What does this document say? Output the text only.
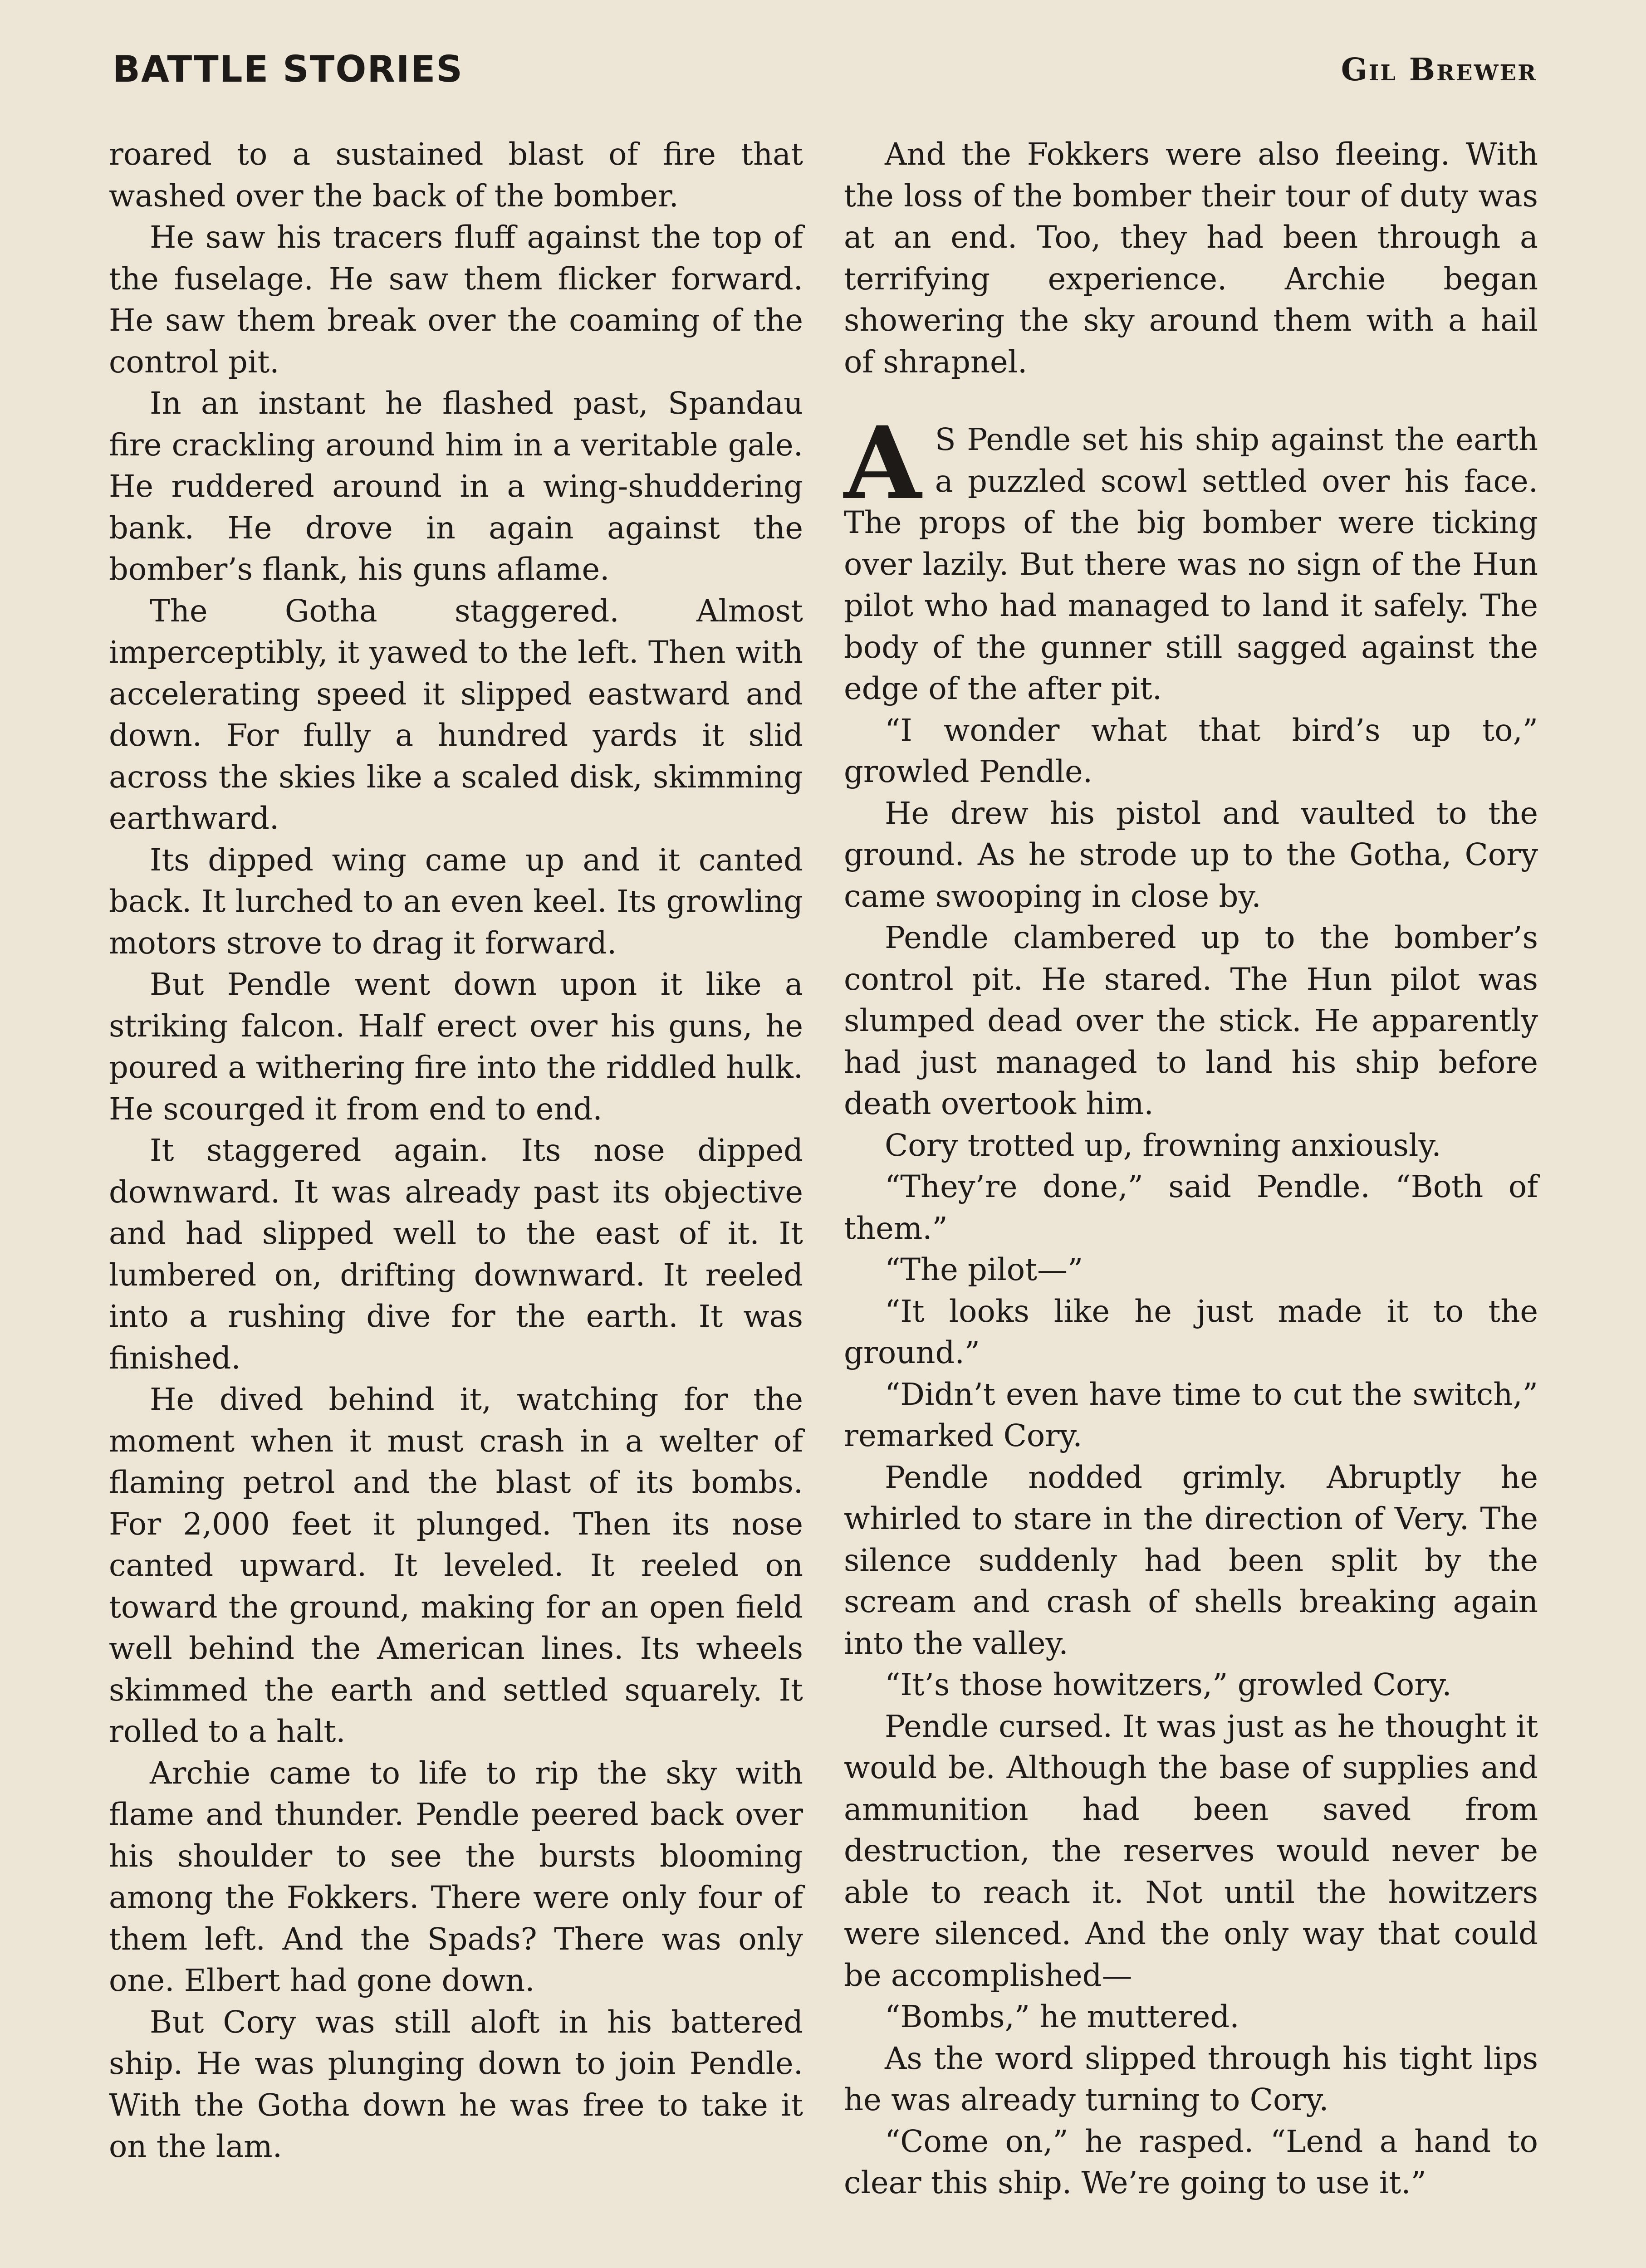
BATTLE STORIES	Gil Brewer

roared to a sustained blast of fire that washed over the back of the bomber.

He saw his tracers fluff against the top of the fuselage. He saw them flicker forward. He saw them break over the coaming of the control pit.

In an instant he flashed past, Spandau fire crackling around him in a veritable gale. He ruddered around in a wing-shuddering bank. He drove in again against the bomber’s flank, his guns aflame.

The Gotha staggered. Almost imperceptibly, it yawed to the left. Then with accelerating speed it slipped eastward and down. For fully a hundred yards it slid across the skies like a scaled disk, skimming earthward.

Its dipped wing came up and it canted back. It lurched to an even keel. Its growling motors strove to drag it forward.

But Pendle went down upon it like a striking falcon. Half erect over his guns, he poured a withering fire into the riddled hulk. He scourged it from end to end.

It staggered again. Its nose dipped downward. It was already past its objective and had slipped well to the east of it. It lumbered on, drifting downward. It reeled into a rushing dive for the earth. It was finished.

He dived behind it, watching for the moment when it must crash in a welter of flaming petrol and the blast of its bombs. For 2,000 feet it plunged. Then its nose canted upward. It leveled. It reeled on toward the ground, making for an open field well behind the American lines. Its wheels skimmed the earth and settled squarely. It rolled to a halt.

Archie came to life to rip the sky with flame and thunder. Pendle peered back over his shoulder to see the bursts blooming among the Fokkers. There were only four of them left. And the Spads? There was only one. Elbert had gone down.

But Cory was still aloft in his battered ship. He was plunging down to join Pendle. With the Gotha down he was free to take it on the lam.

And the Fokkers were also fleeing. With the loss of the bomber their tour of duty was at an end. Too, they had been through a terrifying experience. Archie began showering the sky around them with a hail of shrapnel.

A S Pendle set his ship against the earth a puzzled scowl settled over his face. The props of the big bomber were ticking over lazily. But there was no sign of the Hun pilot who had managed to land it safely. The body of the gunner still sagged against the edge of the after pit.

“I wonder what that bird’s up to,” growled Pendle.

He drew his pistol and vaulted to the ground. As he strode up to the Gotha, Cory came swooping in close by.

Pendle clambered up to the bomber’s control pit. He stared. The Hun pilot was slumped dead over the stick. He apparently had just managed to land his ship before death overtook him.

Cory trotted up, frowning anxiously.

“They’re done,” said Pendle. “Both of them.”

“The pilot—”

“It looks like he just made it to the ground.”

“Didn’t even have time to cut the switch,” remarked Cory.

Pendle nodded grimly. Abruptly he whirled to stare in the direction of Very. The silence suddenly had been split by the scream and crash of shells breaking again into the valley.

“It’s those howitzers,” growled Cory.

Pendle cursed. It was just as he thought it would be. Although the base of supplies and ammunition had been saved from destruction, the reserves would never be able to reach it. Not until the howitzers were silenced. And the only way that could be accomplished—

“Bombs,” he muttered.

As the word slipped through his tight lips he was already turning to Cory.

“Come on,” he rasped. “Lend a hand to clear this ship. We’re going to use it.”
